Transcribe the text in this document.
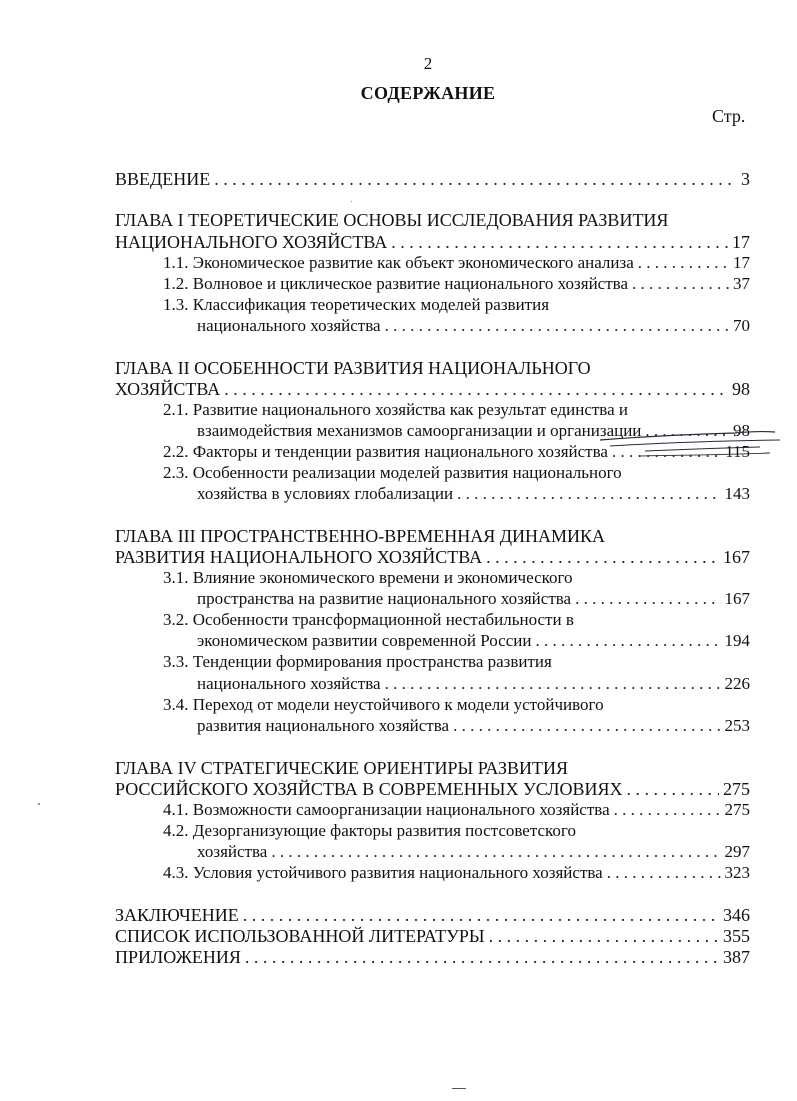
2
СОДЕРЖАНИЕ
Стр.
ВВЕДЕНИЕ . . .	3
ГЛАВА I ТЕОРЕТИЧЕСКИЕ ОСНОВЫ ИССЛЕДОВАНИЯ РАЗВИТИЯ
НАЦИОНАЛЬНОГО ХОЗЯЙСТВА . . .	17
1.1. Экономическое развитие как объект экономического анализа . . .	17
1.2. Волновое и циклическое развитие национального хозяйства . . .	37
1.3. Классификация теоретических моделей развития
национального хозяйства . . .	70
ГЛАВА II ОСОБЕННОСТИ РАЗВИТИЯ НАЦИОНАЛЬНОГО
ХОЗЯЙСТВА . . .	98
2.1. Развитие национального хозяйства как результат единства и
взаимодействия механизмов самоорганизации и организации . . .	98
2.2. Факторы и тенденции развития национального хозяйства . . .	115
2.3. Особенности реализации моделей развития национального
хозяйства в условиях глобализации . . .	143
ГЛАВА III ПРОСТРАНСТВЕННО-ВРЕМЕННАЯ ДИНАМИКА
РАЗВИТИЯ НАЦИОНАЛЬНОГО ХОЗЯЙСТВА . . .	167
3.1. Влияние экономического времени и экономического
пространства на развитие национального хозяйства . . .	167
3.2. Особенности трансформационной нестабильности в
экономическом развитии современной России . . .	194
3.3. Тенденции формирования пространства развития
национального хозяйства . . .	226
3.4. Переход от модели неустойчивого к модели устойчивого
развития национального хозяйства . . .	253
ГЛАВА IV СТРАТЕГИЧЕСКИЕ ОРИЕНТИРЫ РАЗВИТИЯ
РОССИЙСКОГО ХОЗЯЙСТВА В СОВРЕМЕННЫХ УСЛОВИЯХ . . .	275
4.1. Возможности самоорганизации национального хозяйства . . .	275
4.2. Дезорганизующие факторы развития постсоветского
хозяйства . . .	297
4.3. Условия устойчивого развития национального хозяйства . . .	323
ЗАКЛЮЧЕНИЕ . . .	346
СПИСОК ИСПОЛЬЗОВАННОЙ ЛИТЕРАТУРЫ . . .	355
ПРИЛОЖЕНИЯ . . .	387
